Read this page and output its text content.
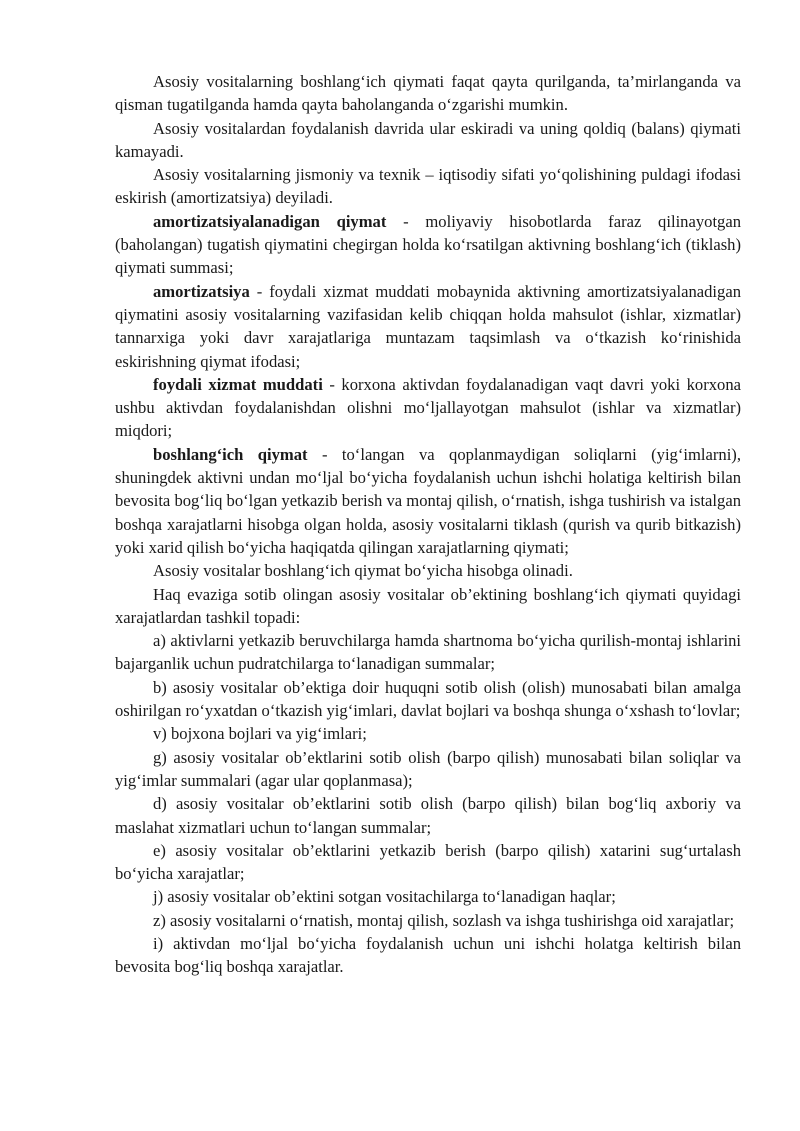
Asosiy vositalarning boshlang‘ich qiymati faqat qayta qurilganda, ta’mirlanganda va qisman tugatilganda hamda qayta baholanganda o‘zgarishi mumkin.

Asosiy vositalardan foydalanish davrida ular eskiradi va uning qoldiq (balans) qiymati kamayadi.

Asosiy vositalarning jismoniy va texnik – iqtisodiy sifati yo‘qolishining puldagi ifodasi eskirish (amortizatsiya) deyiladi.

amortizatsiyalanadigan qiymat - moliyaviy hisobotlarda faraz qilinayotgan (baholangan) tugatish qiymatini chegirgan holda ko‘rsatilgan aktivning boshlang‘ich (tiklash) qiymati summasi;

amortizatsiya - foydali xizmat muddati mobaynida aktivning amortizatsiyalanadigan qiymatini asosiy vositalarning vazifasidan kelib chiqqan holda mahsulot (ishlar, xizmatlar) tannarxiga yoki davr xarajatlariga muntazam taqsimlash va o‘tkazish ko‘rinishida eskirishning qiymat ifodasi;

foydali xizmat muddati - korxona aktivdan foydalanadigan vaqt davri yoki korxona ushbu aktivdan foydalanishdan olishni mo‘ljallayotgan mahsulot (ishlar va xizmatlar) miqdori;

boshlang‘ich qiymat - to‘langan va qoplanmaydigan soliqlarni (yig‘imlarni), shuningdek aktivni undan mo‘ljal bo‘yicha foydalanish uchun ishchi holatiga keltirish bilan bevosita bog‘liq bo‘lgan yetkazib berish va montaj qilish, o‘rnatish, ishga tushirish va istalgan boshqa xarajatlarni hisobga olgan holda, asosiy vositalarni tiklash (qurish va qurib bitkazish) yoki xarid qilish bo‘yicha haqiqatda qilingan xarajatlarning qiymati;

Asosiy vositalar boshlang‘ich qiymat bo‘yicha hisobga olinadi.

Haq evaziga sotib olingan asosiy vositalar ob’ektining boshlang‘ich qiymati quyidagi xarajatlardan tashkil topadi:

a) aktivlarni yetkazib beruvchilarga hamda shartnoma bo‘yicha qurilish-montaj ishlarini bajarganlik uchun pudratchilarga to‘lanadigan summalar;

b) asosiy vositalar ob’ektiga doir huquqni sotib olish (olish) munosabati bilan amalga oshirilgan ro‘yxatdan o‘tkazish yig‘imlari, davlat bojlari va boshqa shunga o‘xshash to‘lovlar;

v) bojxona bojlari va yig‘imlari;

g) asosiy vositalar ob’ektlarini sotib olish (barpo qilish) munosabati bilan soliqlar va yig‘imlar summalari (agar ular qoplanmasa);

d) asosiy vositalar ob’ektlarini sotib olish (barpo qilish) bilan bog‘liq axboriy va maslahat xizmatlari uchun to‘langan summalar;

e) asosiy vositalar ob’ektlarini yetkazib berish (barpo qilish) xatarini sug‘urtalash bo‘yicha xarajatlar;

j) asosiy vositalar ob’ektini sotgan vositachilarga to‘lanadigan haqlar;

z) asosiy vositalarni o‘rnatish, montaj qilish, sozlash va ishga tushirishga oid xarajatlar;

i) aktivdan mo‘ljal bo‘yicha foydalanish uchun uni ishchi holatga keltirish bilan bevosita bog‘liq boshqa xarajatlar.
